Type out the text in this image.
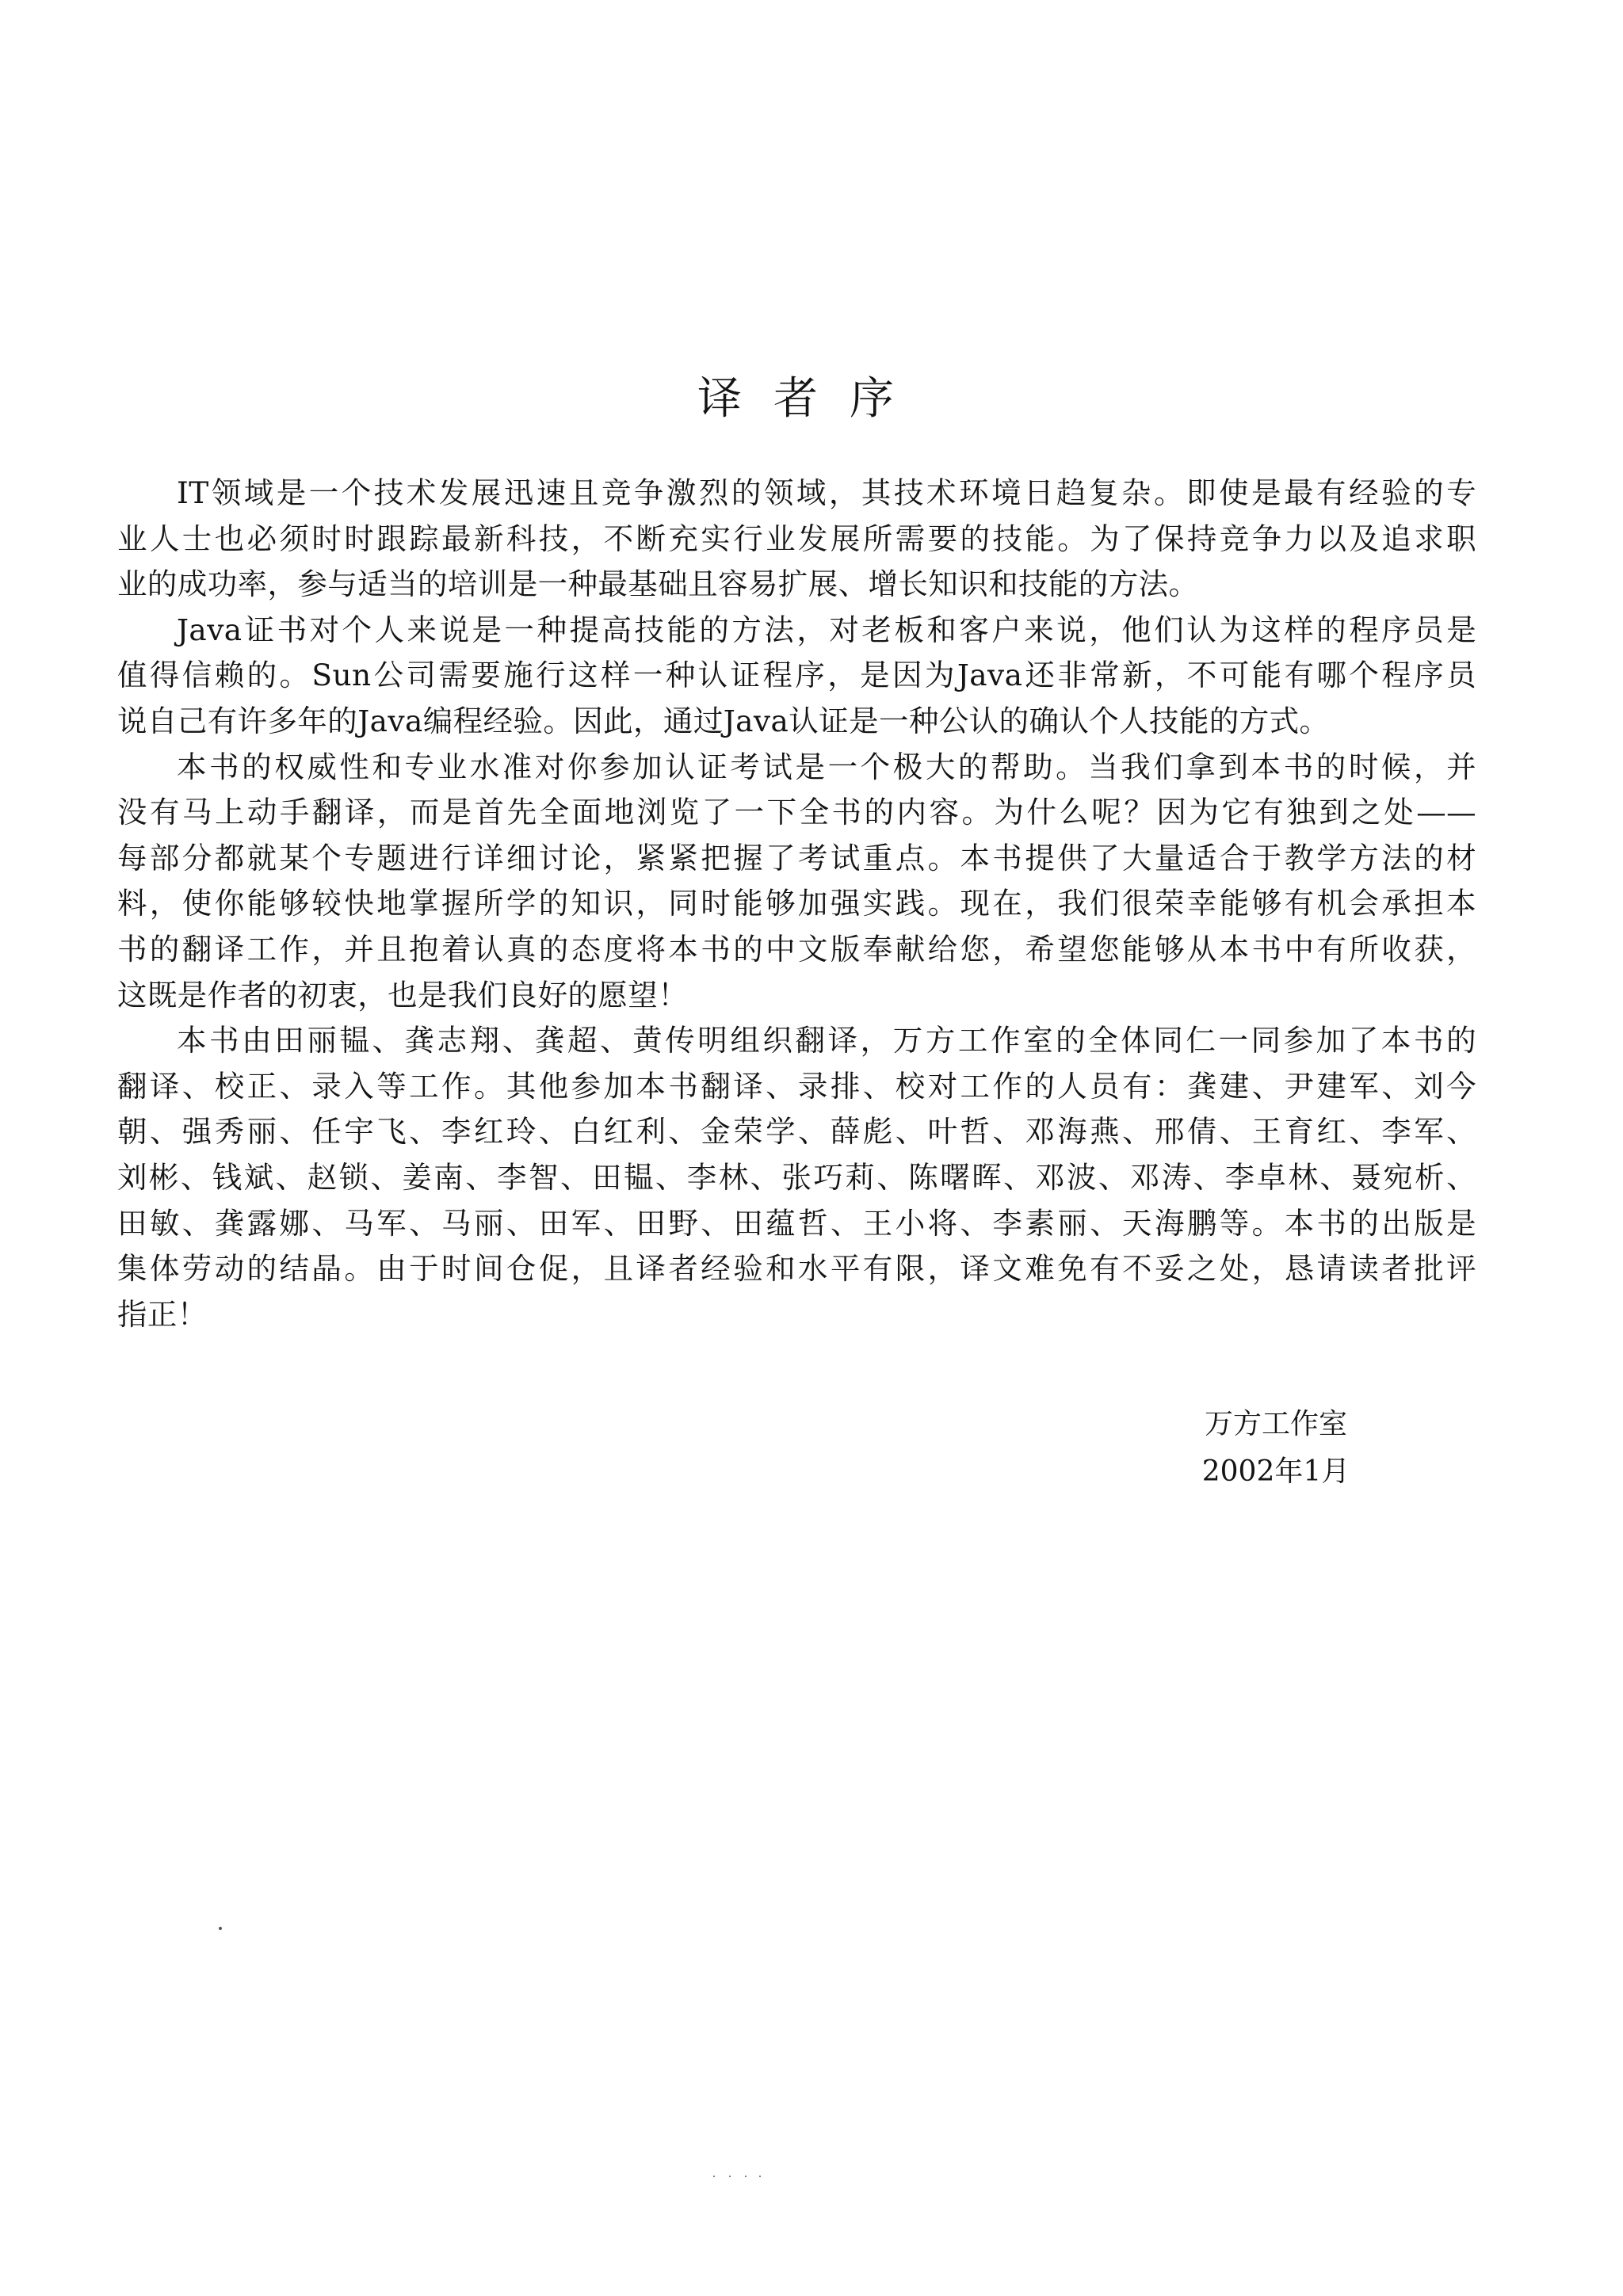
译者序

IT领域是一个技术发展迅速且竞争激烈的领域，其技术环境日趋复杂。即使是最有经验的专
业人士也必须时时跟踪最新科技，不断充实行业发展所需要的技能。为了保持竞争力以及追求职
业的成功率，参与适当的培训是一种最基础且容易扩展、增长知识和技能的方法。

Java证书对个人来说是一种提高技能的方法，对老板和客户来说，他们认为这样的程序员是
值得信赖的。Sun公司需要施行这样一种认证程序，是因为Java还非常新，不可能有哪个程序员
说自己有许多年的Java编程经验。因此，通过Java认证是一种公认的确认个人技能的方式。

本书的权威性和专业水准对你参加认证考试是一个极大的帮助。当我们拿到本书的时候，并
没有马上动手翻译，而是首先全面地浏览了一下全书的内容。为什么呢？因为它有独到之处——
每部分都就某个专题进行详细讨论，紧紧把握了考试重点。本书提供了大量适合于教学方法的材
料，使你能够较快地掌握所学的知识，同时能够加强实践。现在，我们很荣幸能够有机会承担本
书的翻译工作，并且抱着认真的态度将本书的中文版奉献给您，希望您能够从本书中有所收获，
这既是作者的初衷，也是我们良好的愿望！

本书由田丽韫、龚志翔、龚超、黄传明组织翻译，万方工作室的全体同仁一同参加了本书的
翻译、校正、录入等工作。其他参加本书翻译、录排、校对工作的人员有：龚建、尹建军、刘今
朝、强秀丽、任宇飞、李红玲、白红利、金荣学、薛彪、叶哲、邓海燕、邢倩、王育红、李军、
刘彬、钱斌、赵锁、姜南、李智、田韫、李林、张巧莉、陈曙晖、邓波、邓涛、李卓林、聂宛析、
田敏、龚露娜、马军、马丽、田军、田野、田蕴哲、王小将、李素丽、天海鹏等。本书的出版是
集体劳动的结晶。由于时间仓促，且译者经验和水平有限，译文难免有不妥之处，恳请读者批评
指正！

万方工作室
2002年1月
